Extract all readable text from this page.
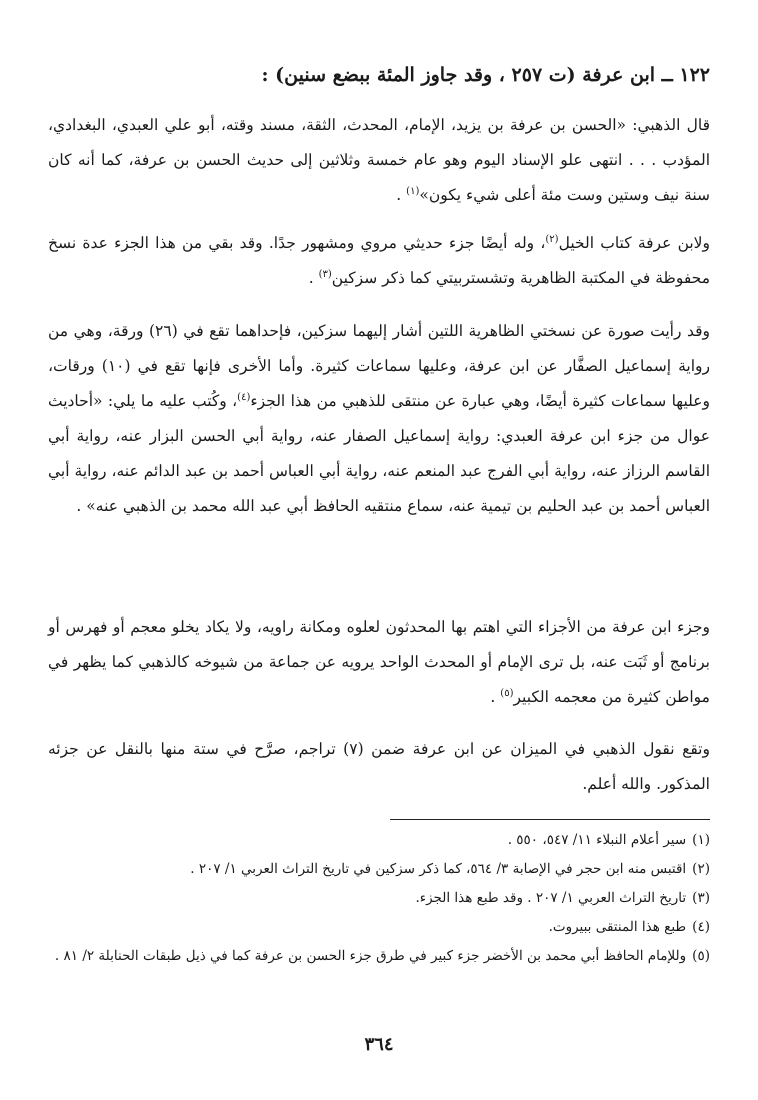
١٢٢ ــ ابن عرفة (ت ٢٥٧ ، وقد جاوز المئة ببضع سنين) :
قال الذهبي: «الحسن بن عرفة بن يزيد، الإمام، المحدث، الثقة، مسند وقته، أبو علي العبدي، البغدادي، المؤدب . . . انتهى علو الإسناد اليوم وهو عام خمسة وثلاثين إلى حديث الحسن بن عرفة، كما أنه كان سنة نيف وستين وست مئة أعلى شيء يكون»$^{(١)}$ .
ولابن عرفة كتاب الخيل$^{(٢)}$، وله أيضًا جزء حديثي مروي ومشهور جدًا. وقد بقي من هذا الجزء عدة نسخ محفوظة في المكتبة الظاهرية وتشستربيتي كما ذكر سزكين$^{(٣)}$ .
وقد رأيت صورة عن نسختي الظاهرية اللتين أشار إليهما سزكين، فإحداهما تقع في (٢٦) ورقة، وهي من رواية إسماعيل الصفَّار عن ابن عرفة، وعليها سماعات كثيرة. وأما الأخرى فإنها تقع في (١٠) ورقات، وعليها سماعات كثيرة أيضًا، وهي عبارة عن منتقى للذهبي من هذا الجزء$^{(٤)}$، وكُتب عليه ما يلي: «أحاديث عوال من جزء ابن عرفة العبدي: رواية إسماعيل الصفار عنه، رواية أبي الحسن البزار عنه، رواية أبي القاسم الرزاز عنه، رواية أبي الفرج عبد المنعم عنه، رواية أبي العباس أحمد بن عبد الدائم عنه، رواية أبي العباس أحمد بن عبد الحليم بن تيمية عنه، سماع منتقيه الحافظ أبي عبد الله محمد بن الذهبي عنه» .
وجزء ابن عرفة من الأجزاء التي اهتم بها المحدثون لعلوه ومكانة راويه، ولا يكاد يخلو معجم أو فهرس أو برنامج أو ثَبَت عنه، بل ترى الإمام أو المحدث الواحد يرويه عن جماعة من شيوخه كالذهبي كما يظهر في مواطن كثيرة من معجمه الكبير$^{(٥)}$ .
وتقع نقول الذهبي في الميزان عن ابن عرفة ضمن (٧) تراجم، صرَّح في ستة منها بالنقل عن جزئه المذكور. والله أعلم.

(١)سير أعلام النبلاء ١١/ ٥٤٧، ٥٥٠ .

(٢)اقتبس منه ابن حجر في الإصابة ٣/ ٥٦٤، كما ذكر سزكين في تاريخ التراث العربي ١/ ٢٠٧ .

(٣)تاريخ التراث العربي ١/ ٢٠٧ . وقد طبع هذا الجزء.

(٤)طبع هذا المنتقى ببيروت.

(٥)وللإمام الحافظ أبي محمد بن الأخضر جزء كبير في طرق جزء الحسن بن عرفة كما في ذيل طبقات الحنابلة ٢/ ٨١ .

٣٦٤
